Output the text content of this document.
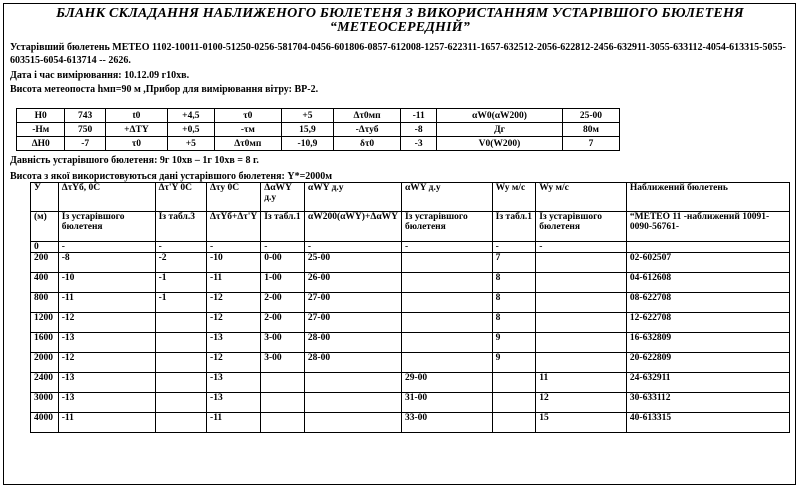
БЛАНК СКЛАДАННЯ НАБЛИЖЕНОГО БЮЛЕТЕНЯ З ВИКОРИСТАННЯМ УСТАРІВШОГО БЮЛЕТЕНЯ
“МЕТЕОСЕРЕДНІЙ”
Устарівший бюлетень МЕТЕО 1102-10011-0100-51250-0256-581704-0456-601806-0857-612008-1257-622311-1657-632512-2056-622812-2456-632911-3055-633112-4054-613315-5055-603515-6054-613714 -- 2626.
Дата і час вимірювання: 10.12.09 г10хв.
Висота метеопоста hмп=90 м ,Прибор для вимірювання вітру: ВР-2.
H0	743	t0	+4,5	τ0	+5	Δτ0мп	-11	αW0(αW200)	25-00
-Hм	750	+ΔTY	+0,5	-τм	15,9	-Δτуб	-8	Дг	80м
ΔH0	-7	τ0	+5	Δτ0мп	-10,9	δτ0	-3	V0(W200)	7
Давність устарівшого бюлетеня: 9г 10хв – 1г 10хв = 8 г.
Висота з якої використовуються дані устарівшого бюлетеня: Y*=2000м
У	ΔτYб, 0C	Δτ'Y 0C	Δτy 0C	ΔαWY д.у	αWY д.у	αWY д.у	Wy м/с	Wy м/с	Наближений бюлетень
(м)	Із устарівшого бюлетеня	Із табл.3	ΔτYб+Δτ'Y	Із табл.1	αW200(αWY)+ΔαWY	Із устарівшого бюлетеня	Із табл.1	Із устарівшого бюлетеня	“МЕТЕО 11 -наближений 10091-0090-56761-
0	-	-	-	-	-	-	-	-	
200	-8	-2	-10	0-00	25-00		7		02-602507
400	-10	-1	-11	1-00	26-00		8		04-612608
800	-11	-1	-12	2-00	27-00		8		08-622708
1200	-12		-12	2-00	27-00		8		12-622708
1600	-13		-13	3-00	28-00		9		16-632809
2000	-12		-12	3-00	28-00		9		20-622809
2400	-13		-13			29-00		11	24-632911
3000	-13		-13			31-00		12	30-633112
4000	-11		-11			33-00		15	40-613315
